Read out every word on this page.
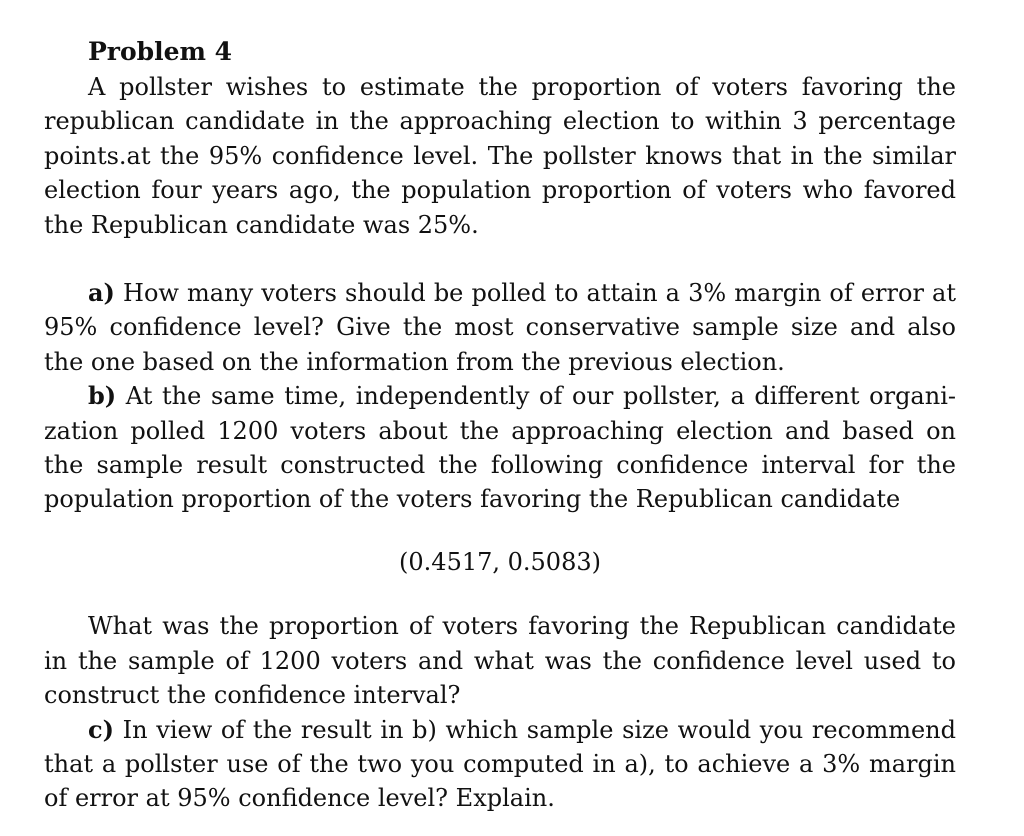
Problem 4

A pollster wishes to estimate the proportion of voters favoring the republican candidate in the approaching election to within 3 percentage points.at the 95% confidence level. The pollster knows that in the similar election four years ago, the population proportion of voters who favored the Republican candidate was 25%.

a) How many voters should be polled to attain a 3% margin of error at 95% confidence level? Give the most conservative sample size and also the one based on the information from the previous election.

b) At the same time, independently of our pollster, a different organization polled 1200 voters about the approaching election and based on the sample result constructed the following confidence interval for the population proportion of the voters favoring the Republican candidate

(0.4517, 0.5083)

What was the proportion of voters favoring the Republican candidate in the sample of 1200 voters and what was the confidence level used to construct the confidence interval?

c) In view of the result in b) which sample size would you recommend that a pollster use of the two you computed in a), to achieve a 3% margin of error at 95% confidence level? Explain.
